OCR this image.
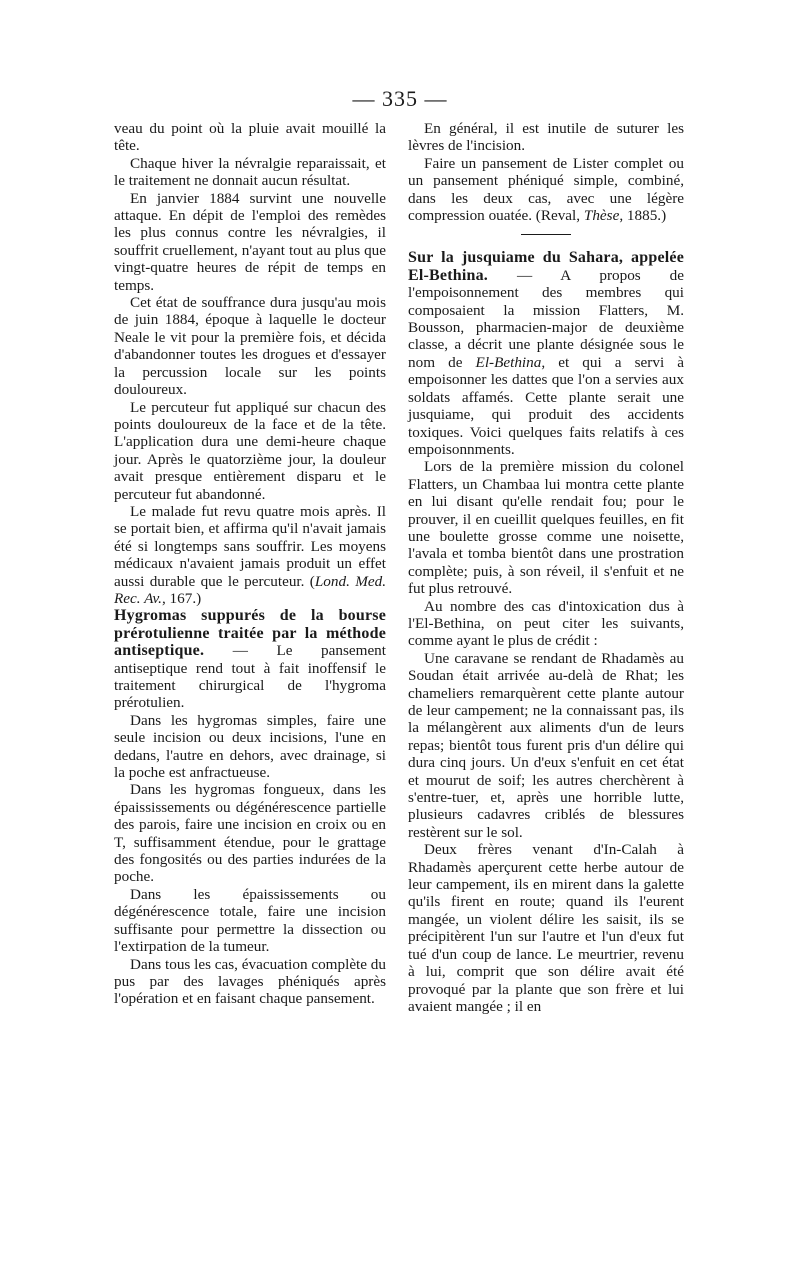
— 335 —

veau du point où la pluie avait mouillé la tête.

Chaque hiver la névralgie reparaissait, et le traitement ne donnait aucun résultat.

En janvier 1884 survint une nouvelle attaque. En dépit de l'emploi des remèdes les plus connus contre les névralgies, il souffrit cruellement, n'ayant tout au plus que vingt-quatre heures de répit de temps en temps.

Cet état de souffrance dura jusqu'au mois de juin 1884, époque à laquelle le docteur Neale le vit pour la première fois, et décida d'abandonner toutes les drogues et d'essayer la percussion locale sur les points douloureux.

Le percuteur fut appliqué sur chacun des points douloureux de la face et de la tête. L'application dura une demi-heure chaque jour. Après le quatorzième jour, la douleur avait presque entièrement disparu et le percuteur fut abandonné.

Le malade fut revu quatre mois après. Il se portait bien, et affirma qu'il n'avait jamais été si longtemps sans souffrir. Les moyens médicaux n'avaient jamais produit un effet aussi durable que le percuteur. (Lond. Med. Rec. Av., 167.)

Hygromas suppurés de la bourse prérotulienne traitée par la méthode antiseptique. — Le pansement antiseptique rend tout à fait inoffensif le traitement chirurgical de l'hygroma prérotulien.

Dans les hygromas simples, faire une seule incision ou deux incisions, l'une en dedans, l'autre en dehors, avec drainage, si la poche est anfractueuse.

Dans les hygromas fongueux, dans les épaississements ou dégénérescence partielle des parois, faire une incision en croix ou en T, suffisamment étendue, pour le grattage des fongosités ou des parties indurées de la poche.

Dans les épaississements ou dégénérescence totale, faire une incision suffisante pour permettre la dissection ou l'extirpation de la tumeur.

Dans tous les cas, évacuation complète du pus par des lavages phéniqués après l'opération et en faisant chaque pansement.

En général, il est inutile de suturer les lèvres de l'incision.

Faire un pansement de Lister complet ou un pansement phéniqué simple, combiné, dans les deux cas, avec une légère compression ouatée. (Reval, Thèse, 1885.)

Sur la jusquiame du Sahara, appelée El-Bethina. — A propos de l'empoisonnement des membres qui composaient la mission Flatters, M. Bousson, pharmacien-major de deuxième classe, a décrit une plante désignée sous le nom de El-Bethina, et qui a servi à empoisonner les dattes que l'on a servies aux soldats affamés. Cette plante serait une jusquiame, qui produit des accidents toxiques. Voici quelques faits relatifs à ces empoisonnments.

Lors de la première mission du colonel Flatters, un Chambaa lui montra cette plante en lui disant qu'elle rendait fou; pour le prouver, il en cueillit quelques feuilles, en fit une boulette grosse comme une noisette, l'avala et tomba bientôt dans une prostration complète; puis, à son réveil, il s'enfuit et ne fut plus retrouvé.

Au nombre des cas d'intoxication dus à l'El-Bethina, on peut citer les suivants, comme ayant le plus de crédit :

Une caravane se rendant de Rhadamès au Soudan était arrivée au-delà de Rhat; les chameliers remarquèrent cette plante autour de leur campement; ne la connaissant pas, ils la mélangèrent aux aliments d'un de leurs repas; bientôt tous furent pris d'un délire qui dura cinq jours. Un d'eux s'enfuit en cet état et mourut de soif; les autres cherchèrent à s'entre-tuer, et, après une horrible lutte, plusieurs cadavres criblés de blessures restèrent sur le sol.

Deux frères venant d'In-Calah à Rhadamès aperçurent cette herbe autour de leur campement, ils en mirent dans la galette qu'ils firent en route; quand ils l'eurent mangée, un violent délire les saisit, ils se précipitèrent l'un sur l'autre et l'un d'eux fut tué d'un coup de lance. Le meurtrier, revenu à lui, comprit que son délire avait été provoqué par la plante que son frère et lui avaient mangée ; il en
